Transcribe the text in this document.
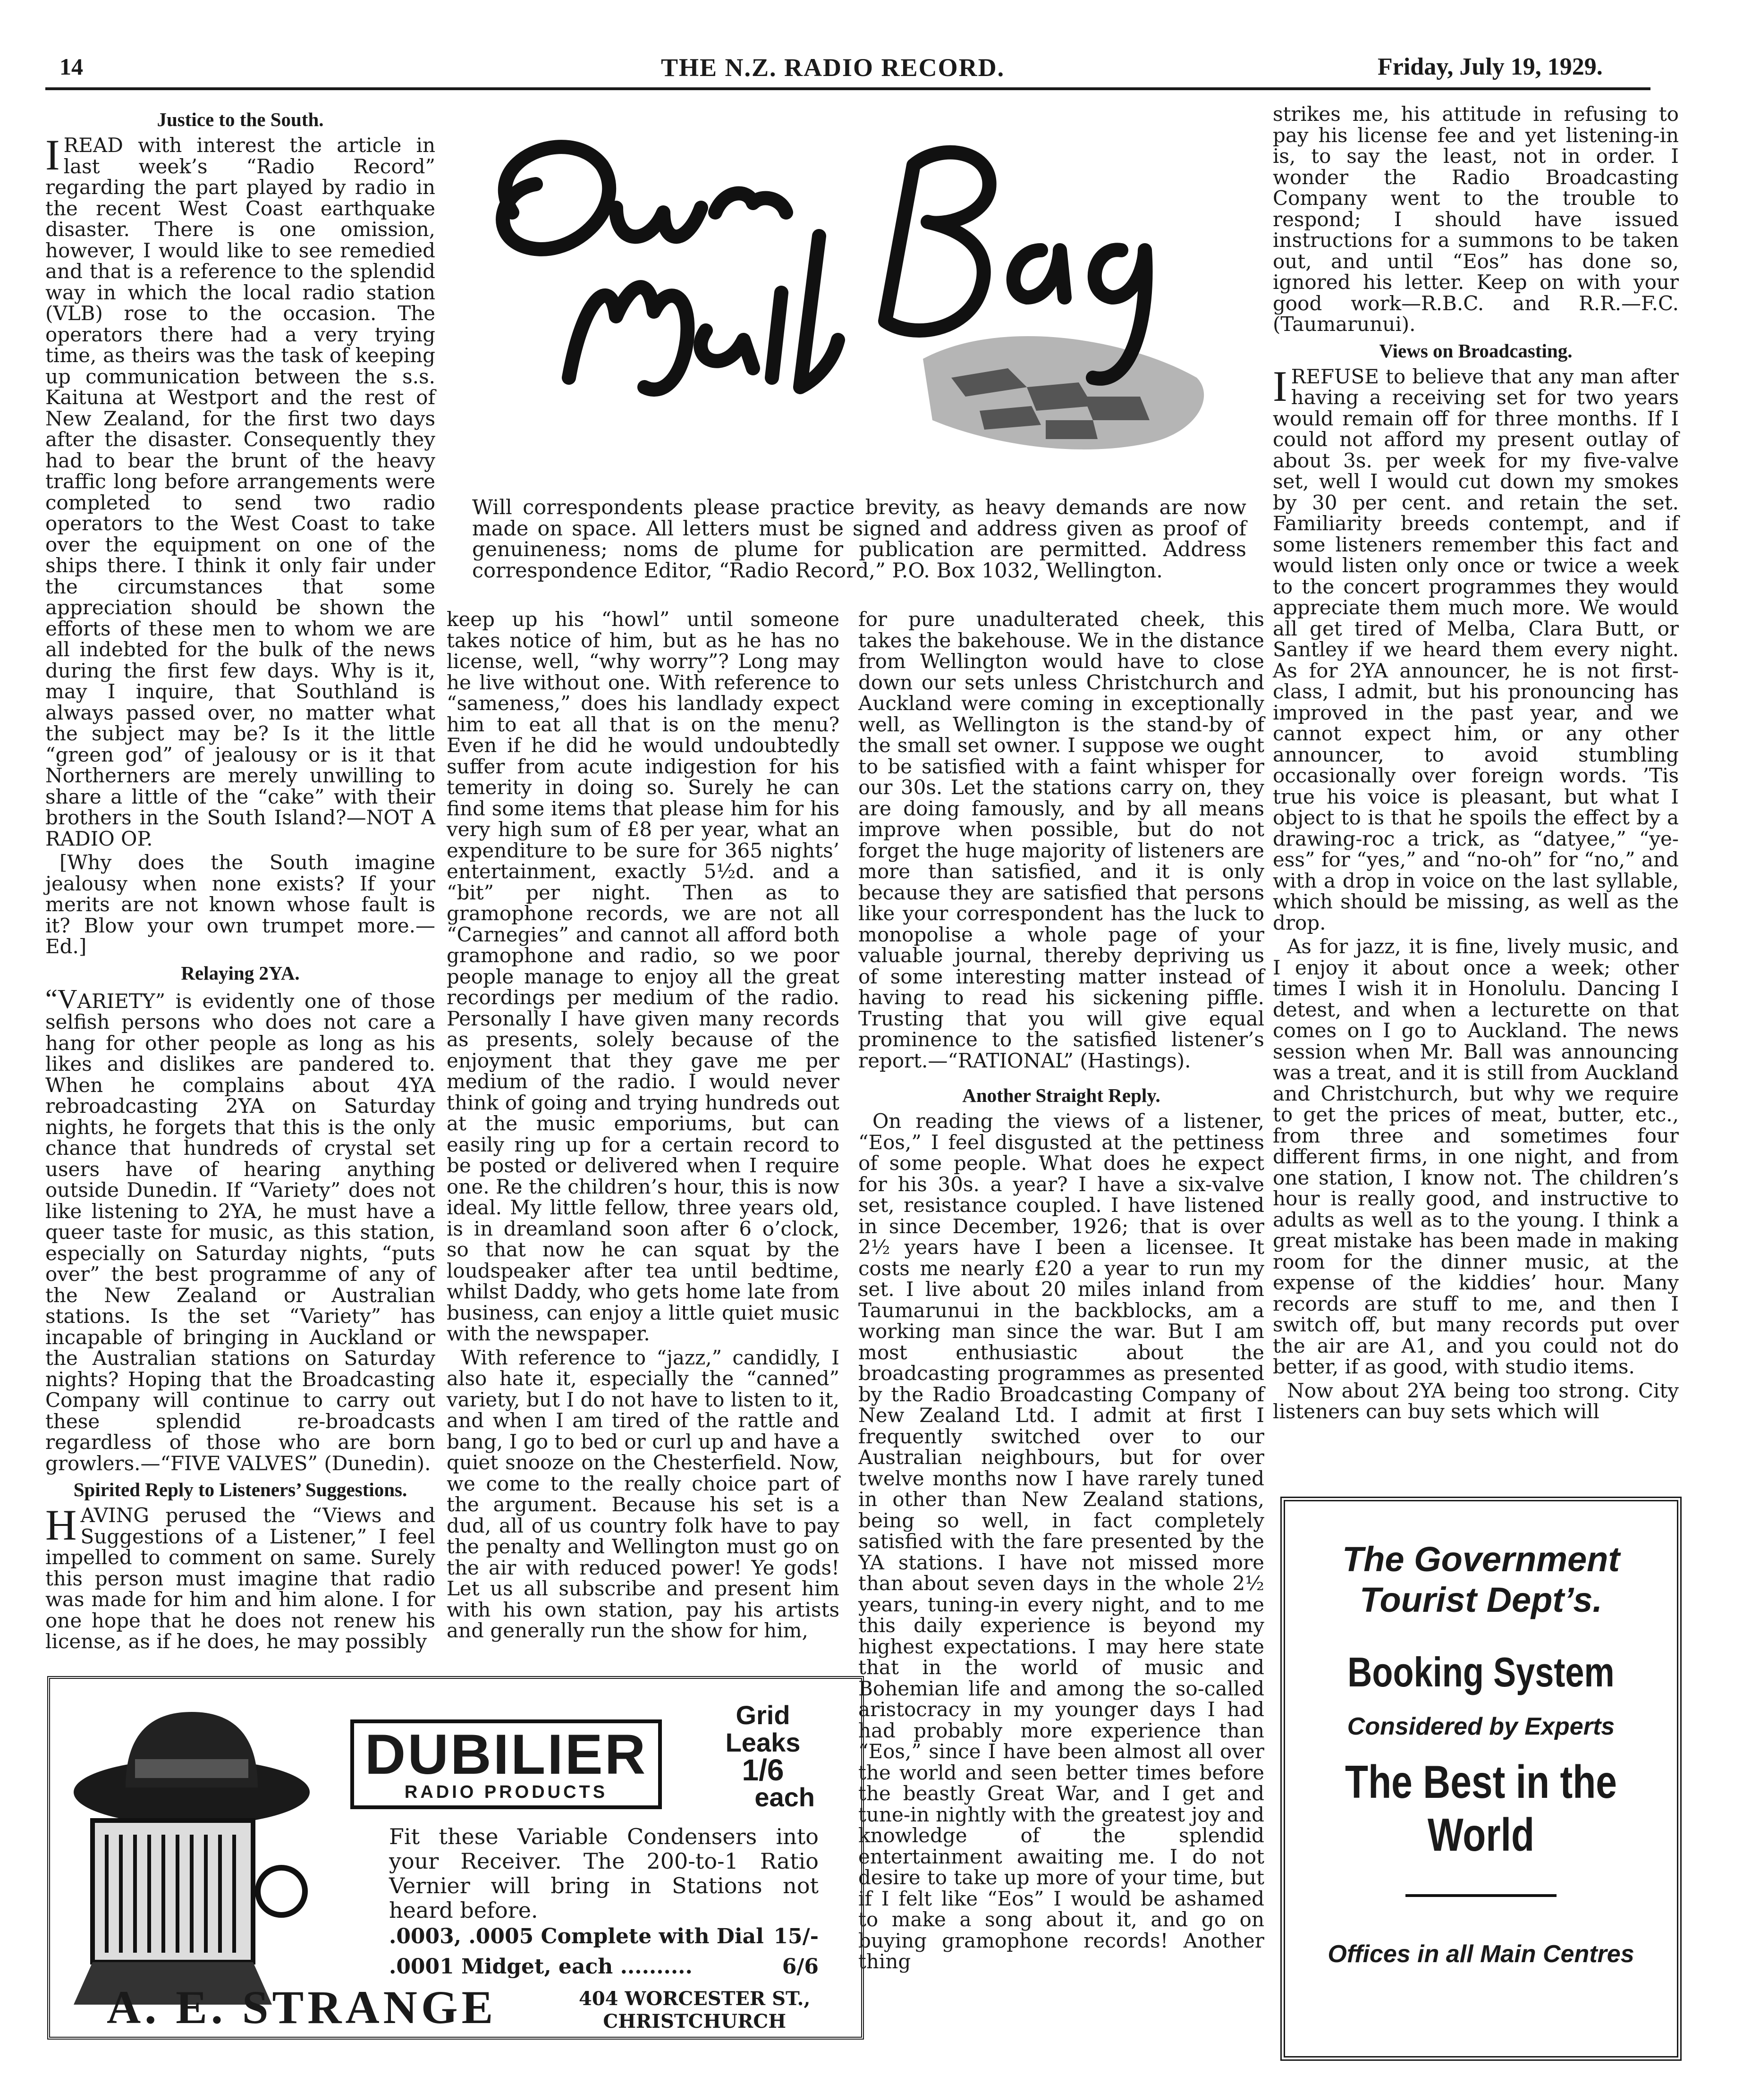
14	THE N.Z. RADIO RECORD.	Friday, July 19, 1929.
Will correspondents please practice brevity, as heavy demands are now made on space. All letters must be signed and address given as proof of genuineness; noms de plume for publication are permitted. Address correspondence Editor, “Radio Record,” P.O. Box 1032, Wellington.
Justice to the South.

I READ with interest the article in last week’s “Radio Record” regarding the part played by radio in the recent West Coast earthquake disaster. There is one omission, however, I would like to see remedied and that is a reference to the splendid way in which the local radio station (VLB) rose to the occasion. The operators there had a very trying time, as theirs was the task of keeping up communication between the s.s. Kaituna at Westport and the rest of New Zealand, for the first two days after the disaster. Consequently they had to bear the brunt of the heavy traffic long before arrangements were completed to send two radio operators to the West Coast to take over the equipment on one of the ships there. I think it only fair under the circumstances that some appreciation should be shown the efforts of these men to whom we are all indebted for the bulk of the news during the first few days. Why is it, may I inquire, that Southland is always passed over, no matter what the subject may be? Is it the little “green god” of jealousy or is it that Northerners are merely unwilling to share a little of the “cake” with their brothers in the South Island?—NOT A RADIO OP.

[Why does the South imagine jealousy when none exists? If your merits are not known whose fault is it? Blow your own trumpet more.—Ed.]

Relaying 2YA.

“VARIETY” is evidently one of those selfish persons who does not care a hang for other people as long as his likes and dislikes are pandered to. When he complains about 4YA rebroadcasting 2YA on Saturday nights, he forgets that this is the only chance that hundreds of crystal set users have of hearing anything outside Dunedin. If “Variety” does not like listening to 2YA, he must have a queer taste for music, as this station, especially on Saturday nights, “puts over” the best programme of any of the New Zealand or Australian stations. Is the set “Variety” has incapable of bringing in Auckland or the Australian stations on Saturday nights? Hoping that the Broadcasting Company will continue to carry out these splendid re-broadcasts regardless of those who are born growlers.—“FIVE VALVES” (Dunedin).

Spirited Reply to Listeners’ Suggestions.

HAVING perused the “Views and Suggestions of a Listener,” I feel impelled to comment on same. Surely this person must imagine that radio was made for him and him alone. I for one hope that he does not renew his license, as if he does, he may possibly

keep up his “howl” until someone takes notice of him, but as he has no license, well, “why worry”? Long may he live without one. With reference to “sameness,” does his landlady expect him to eat all that is on the menu? Even if he did he would undoubtedly suffer from acute indigestion for his temerity in doing so. Surely he can find some items that please him for his very high sum of £8 per year, what an expenditure to be sure for 365 nights’ entertainment, exactly 5½d. and a “bit” per night. Then as to gramophone records, we are not all “Carnegies” and cannot all afford both gramophone and radio, so we poor people manage to enjoy all the great recordings per medium of the radio. Personally I have given many records as presents, solely because of the enjoyment that they gave me per medium of the radio. I would never think of going and trying hundreds out at the music emporiums, but can easily ring up for a certain record to be posted or delivered when I require one. Re the children’s hour, this is now ideal. My little fellow, three years old, is in dreamland soon after 6 o’clock, so that now he can squat by the loudspeaker after tea until bedtime, whilst Daddy, who gets home late from business, can enjoy a little quiet music with the newspaper.

With reference to “jazz,” candidly, I also hate it, especially the “canned” variety, but I do not have to listen to it, and when I am tired of the rattle and bang, I go to bed or curl up and have a quiet snooze on the Chesterfield. Now, we come to the really choice part of the argument. Because his set is a dud, all of us country folk have to pay the penalty and Wellington must go on the air with reduced power! Ye gods! Let us all subscribe and present him with his own station, pay his artists and generally run the show for him,

for pure unadulterated cheek, this takes the bakehouse. We in the distance from Wellington would have to close down our sets unless Christchurch and Auckland were coming in exceptionally well, as Wellington is the stand-by of the small set owner. I suppose we ought to be satisfied with a faint whisper for our 30s. Let the stations carry on, they are doing famously, and by all means improve when possible, but do not forget the huge majority of listeners are more than satisfied, and it is only because they are satisfied that persons like your correspondent has the luck to monopolise a whole page of your valuable journal, thereby depriving us of some interesting matter instead of having to read his sickening piffle. Trusting that you will give equal prominence to the satisfied listener’s report.—“RATIONAL” (Hastings).

Another Straight Reply.

On reading the views of a listener, “Eos,” I feel disgusted at the pettiness of some people. What does he expect for his 30s. a year? I have a six-valve set, resistance coupled. I have listened in since December, 1926; that is over 2½ years have I been a licensee. It costs me nearly £20 a year to run my set. I live about 20 miles inland from Taumarunui in the backblocks, am a working man since the war. But I am most enthusiastic about the broadcasting programmes as presented by the Radio Broadcasting Company of New Zealand Ltd. I admit at first I frequently switched over to our Australian neighbours, but for over twelve months now I have rarely tuned in other than New Zealand stations, being so well, in fact completely satisfied with the fare presented by the YA stations. I have not missed more than about seven days in the whole 2½ years, tuning-in every night, and to me this daily experience is beyond my highest expectations. I may here state that in the world of music and Bohemian life and among the so-called aristocracy in my younger days I had had probably more experience than “Eos,” since I have been almost all over the world and seen better times before the beastly Great War, and I get and tune-in nightly with the greatest joy and knowledge of the splendid entertainment awaiting me. I do not desire to take up more of your time, but if I felt like “Eos” I would be ashamed to make a song about it, and go on buying gramophone records! Another thing

strikes me, his attitude in refusing to pay his license fee and yet listening-in is, to say the least, not in order. I wonder the Radio Broadcasting Company went to the trouble to respond; I should have issued instructions for a summons to be taken out, and until “Eos” has done so, ignored his letter. Keep on with your good work—R.B.C. and R.R.—F.C. (Taumarunui).

Views on Broadcasting.

I REFUSE to believe that any man after having a receiving set for two years would remain off for three months. If I could not afford my present outlay of about 3s. per week for my five-valve set, well I would cut down my smokes by 30 per cent. and retain the set. Familiarity breeds contempt, and if some listeners remember this fact and would listen only once or twice a week to the concert programmes they would appreciate them much more. We would all get tired of Melba, Clara Butt, or Santley if we heard them every night. As for 2YA announcer, he is not first-class, I admit, but his pronouncing has improved in the past year, and we cannot expect him, or any other announcer, to avoid stumbling occasionally over foreign words. ’Tis true his voice is pleasant, but what I object to is that he spoils the effect by a drawing-roc a trick, as “datyee,” “ye-ess” for “yes,” and “no-oh” for “no,” and with a drop in voice on the last syllable, which should be missing, as well as the drop.

As for jazz, it is fine, lively music, and I enjoy it about once a week; other times I wish it in Honolulu. Dancing I detest, and when a lecturette on that comes on I go to Auckland. The news session when Mr. Ball was announcing was a treat, and it is still from Auckland and Christchurch, but why we require to get the prices of meat, butter, etc., from three and sometimes four different firms, in one night, and from one station, I know not. The children’s hour is really good, and instructive to adults as well as to the young. I think a great mistake has been made in making room for the dinner music, at the expense of the kiddies’ hour. Many records are stuff to me, and then I switch off, but many records put over the air are A1, and you could not do better, if as good, with studio items.

Now about 2YA being too strong. City listeners can buy sets which will

DUBILIER
RADIO PRODUCTS
Grid
Leaks
1/6
each
Fit these Variable Condensers into your Receiver. The 200-to-1 Ratio Vernier will bring in Stations not heard before.
.0003, .0005 Complete with Dial 15/-
.0001 Midget, each ..........	6/6
A. E. STRANGE	404 WORCESTER ST.,
CHRISTCHURCH
The Government
Tourist Dept’s.
Booking System
Considered by Experts
The Best in the
World
Offices in all Main Centres
